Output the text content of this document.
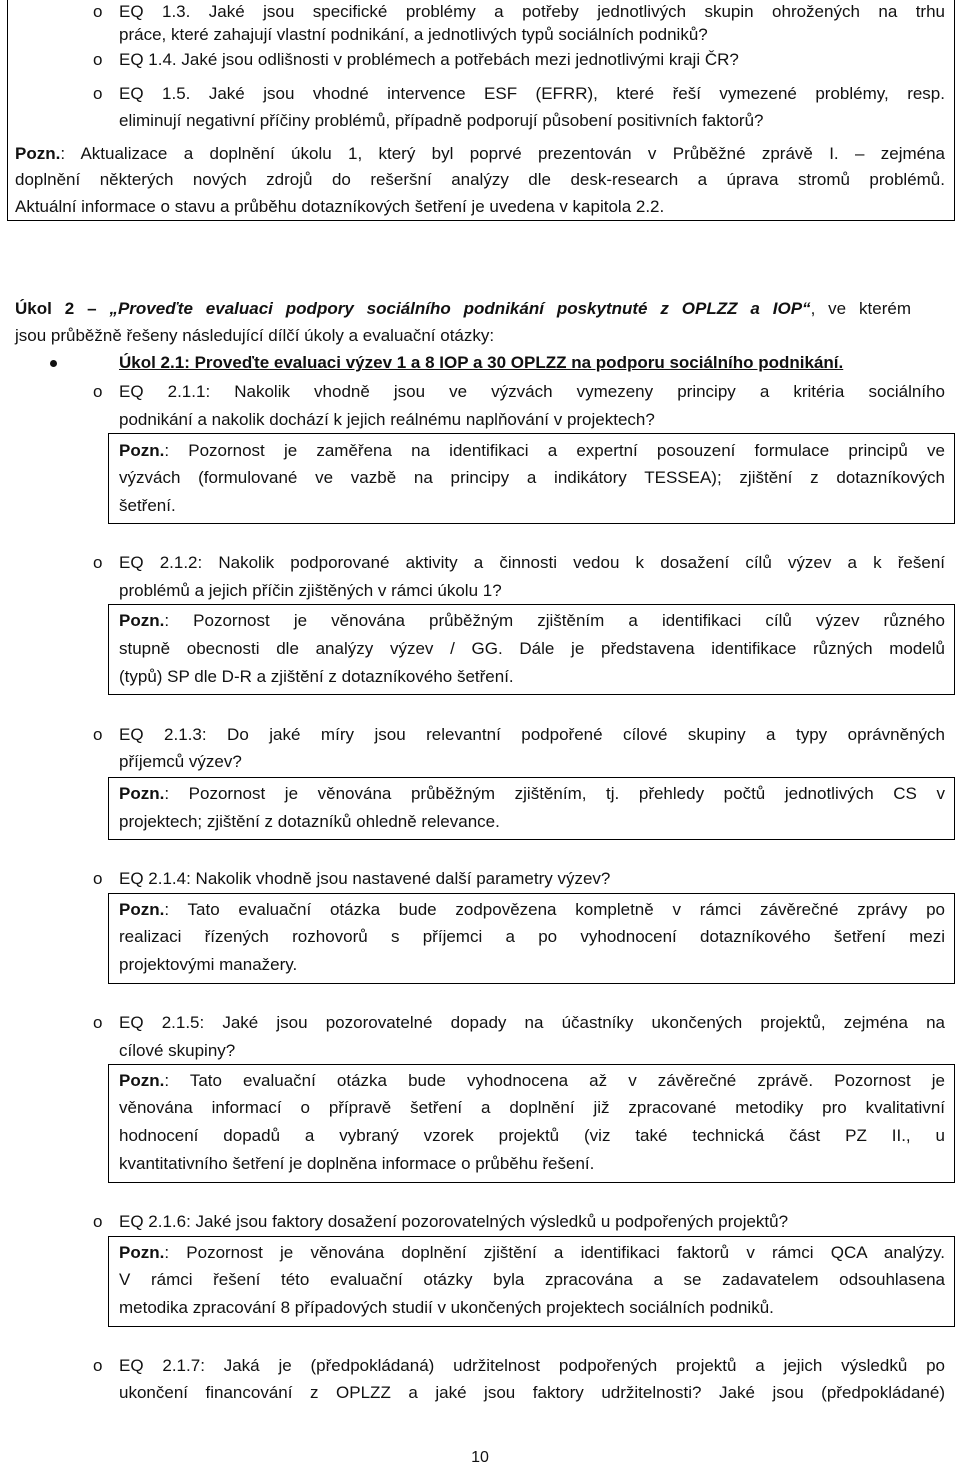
o EQ 1.3. Jaké jsou specifické problémy a potřeby jednotlivých skupin ohrožených na trhu
práce, které zahajují vlastní podnikání, a jednotlivých typů sociálních podniků?
o EQ 1.4. Jaké jsou odlišnosti v problémech a potřebách mezi jednotlivými kraji ČR?
o EQ 1.5. Jaké jsou vhodné intervence ESF (EFRR), které řeší vymezené problémy, resp.
eliminují negativní příčiny problémů, případně podporují působení positivních faktorů?
Pozn.: Aktualizace a doplnění úkolu 1, který byl poprvé prezentován v Průběžné zprávě I. – zejména
doplnění některých nových zdrojů do rešeršní analýzy dle desk-research a úprava stromů problémů.
Aktuální informace o stavu a průběhu dotazníkových šetření je uvedena v kapitola 2.2.
Úkol 2 – „Proveďte evaluaci podpory sociálního podnikání poskytnuté z OPLZZ a IOP“, ve kterém
jsou průběžně řešeny následující dílčí úkoly a evaluační otázky:
Úkol 2.1: Proveďte evaluaci výzev 1 a 8 IOP a 30 OPLZZ na podporu sociálního podnikání.
o EQ 2.1.1: Nakolik vhodně jsou ve výzvách vymezeny principy a kritéria sociálního
podnikání a nakolik dochází k jejich reálnému naplňování v projektech?
Pozn.: Pozornost je zaměřena na identifikaci a expertní posouzení formulace principů ve
výzvách (formulované ve vazbě na principy a indikátory TESSEA); zjištění z dotazníkových
šetření.
o EQ 2.1.2: Nakolik podporované aktivity a činnosti vedou k dosažení cílů výzev a k řešení
problémů a jejich příčin zjištěných v rámci úkolu 1?
Pozn.: Pozornost je věnována průběžným zjištěním a identifikaci cílů výzev různého
stupně obecnosti dle analýzy výzev / GG. Dále je představena identifikace různých modelů
(typů) SP dle D-R a zjištění z dotazníkového šetření.
o EQ 2.1.3: Do jaké míry jsou relevantní podpořené cílové skupiny a typy oprávněných
příjemců výzev?
Pozn.: Pozornost je věnována průběžným zjištěním, tj. přehledy počtů jednotlivých CS v
projektech; zjištění z dotazníků ohledně relevance.
o EQ 2.1.4: Nakolik vhodně jsou nastavené další parametry výzev?
Pozn.: Tato evaluační otázka bude zodpovězena kompletně v rámci závěrečné zprávy po
realizaci řízených rozhovorů s příjemci a po vyhodnocení dotazníkového šetření mezi
projektovými manažery.
o EQ 2.1.5: Jaké jsou pozorovatelné dopady na účastníky ukončených projektů, zejména na
cílové skupiny?
Pozn.: Tato evaluační otázka bude vyhodnocena až v závěrečné zprávě. Pozornost je
věnována informací o přípravě šetření a doplnění již zpracované metodiky pro kvalitativní
hodnocení dopadů a vybraný vzorek projektů (viz také technická část PZ II., u
kvantitativního šetření je doplněna informace o průběhu řešení.
o EQ 2.1.6: Jaké jsou faktory dosažení pozorovatelných výsledků u podpořených projektů?
Pozn.: Pozornost je věnována doplnění zjištění a identifikaci faktorů v rámci QCA analýzy.
V rámci řešení této evaluační otázky byla zpracována a se zadavatelem odsouhlasena
metodika zpracování 8 případových studií v ukončených projektech sociálních podniků.
o EQ 2.1.7: Jaká je (předpokládaná) udržitelnost podpořených projektů a jejich výsledků po
ukončení financování z OPLZZ a jaké jsou faktory udržitelnosti? Jaké jsou (předpokládané)
10
